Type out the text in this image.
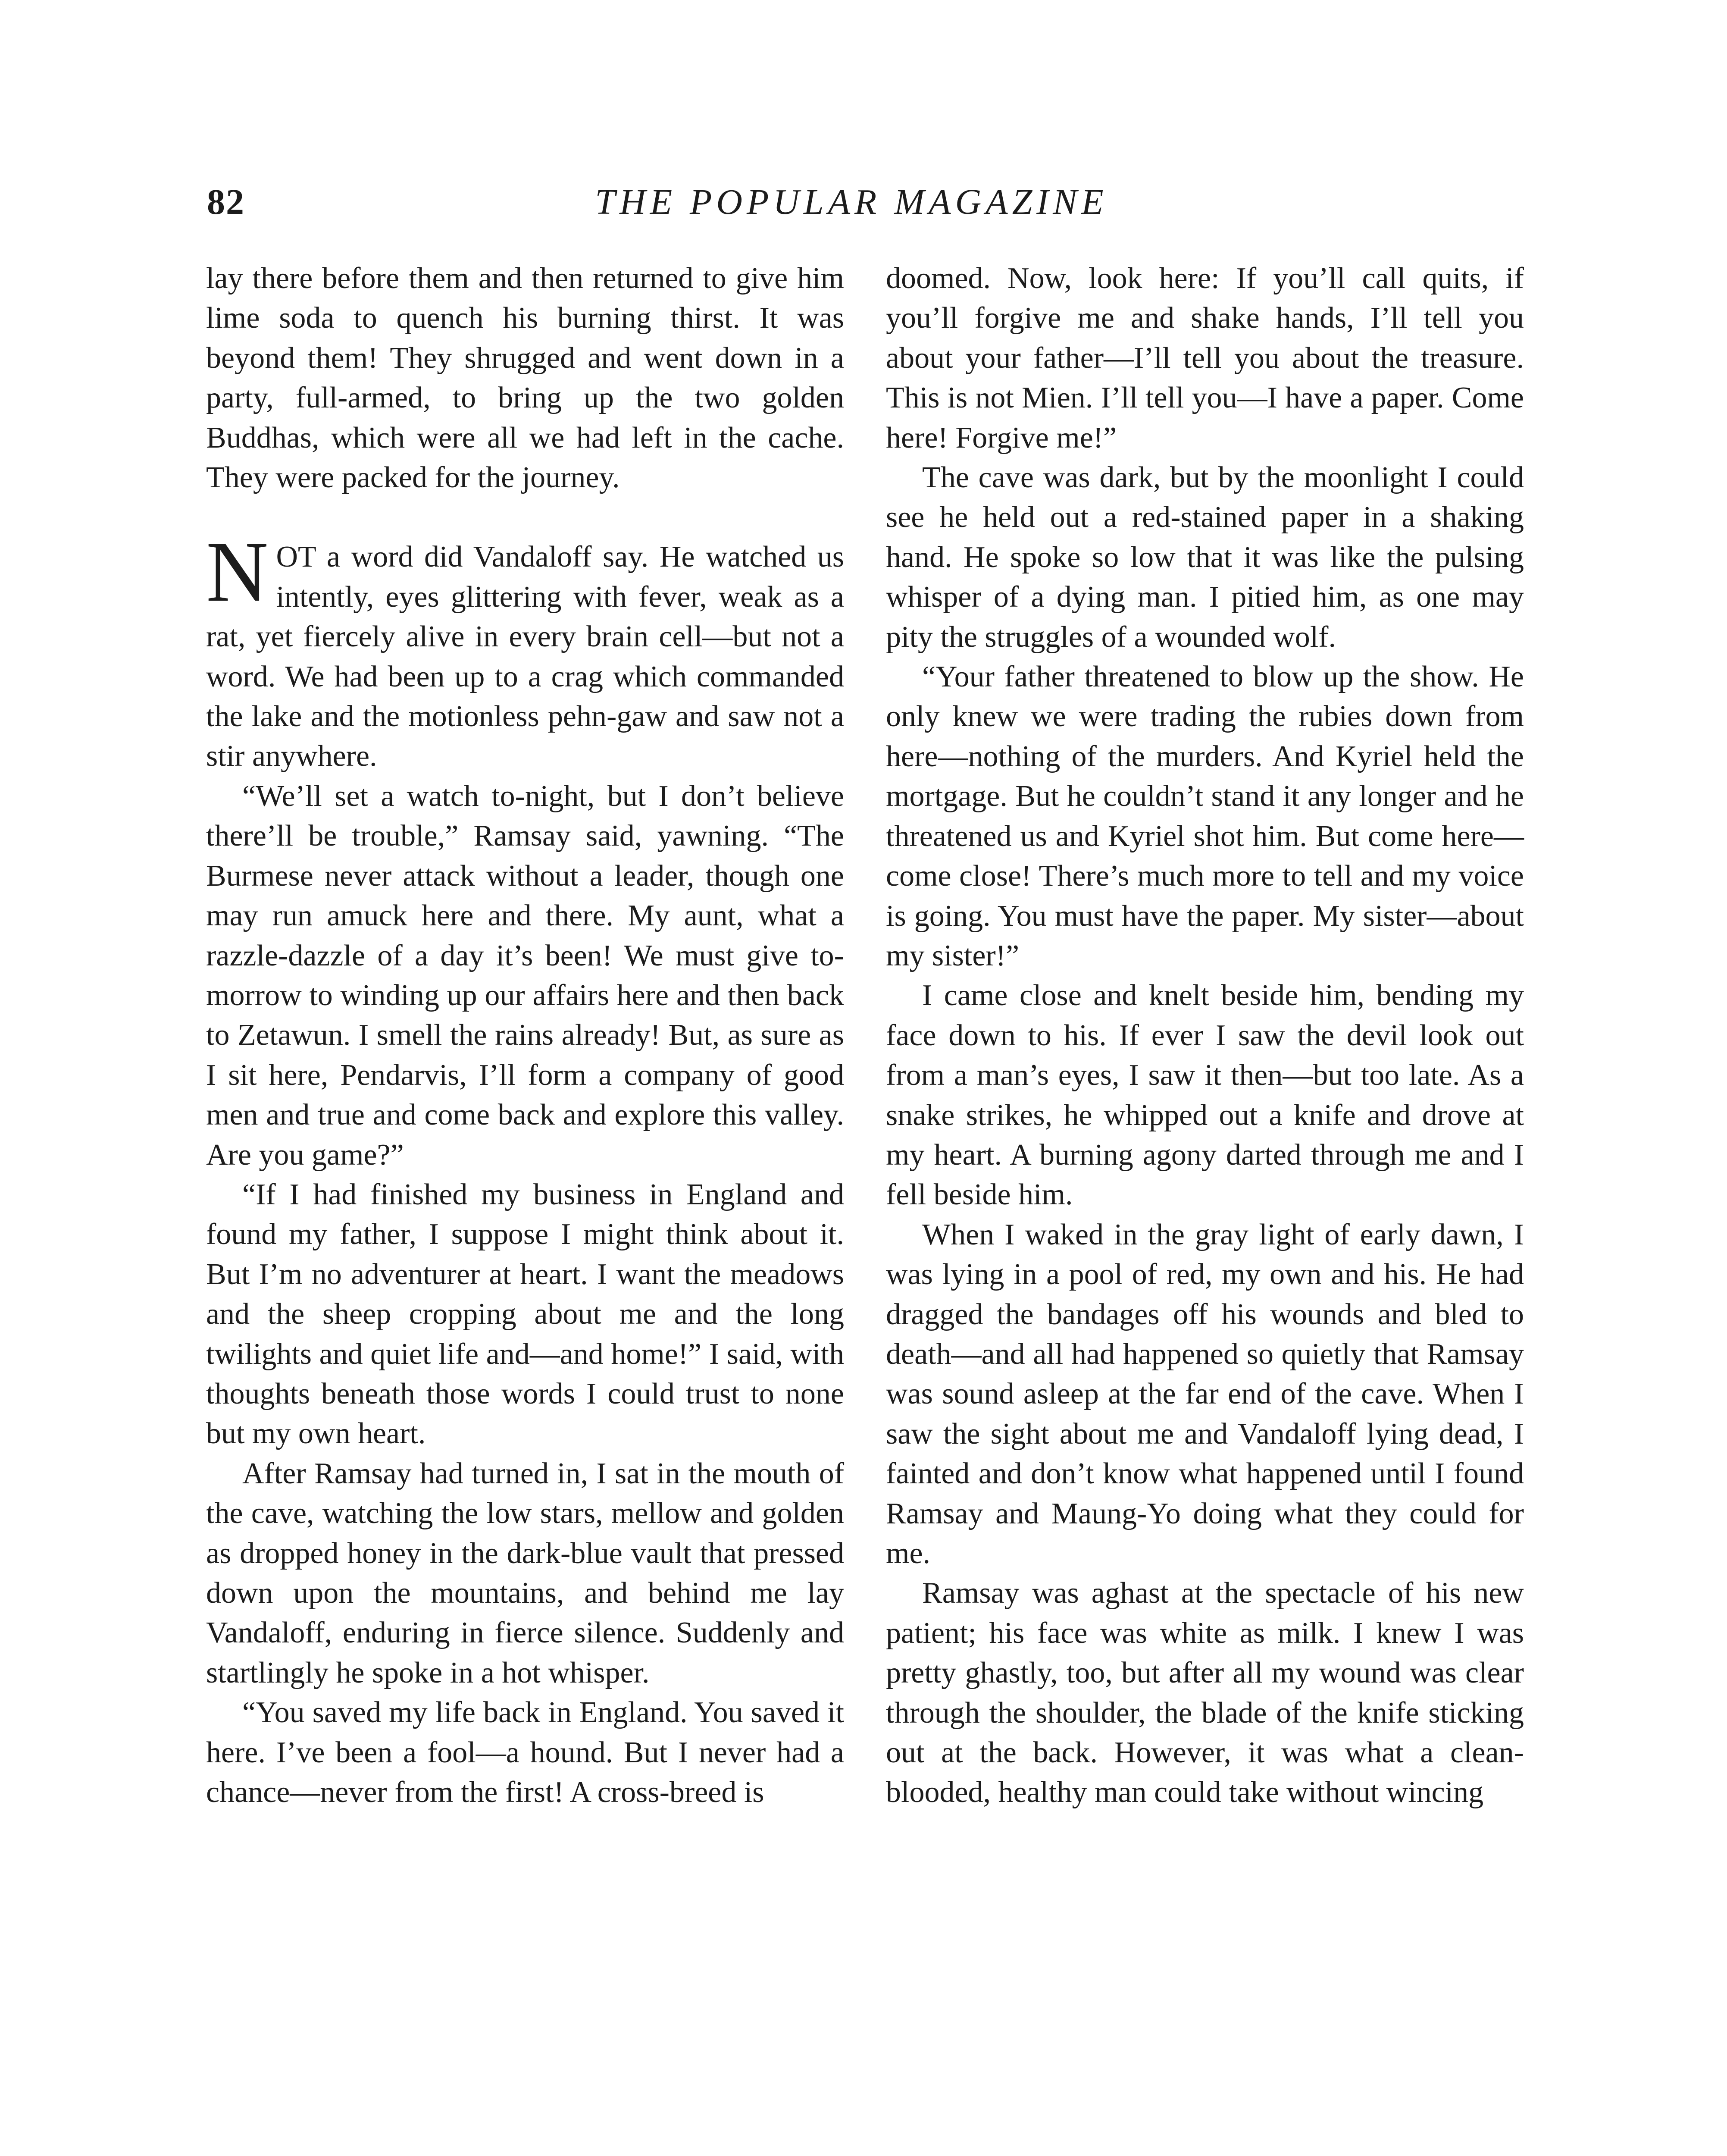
THE POPULAR MAGAZINE
82

lay there before them and then returned to give him lime soda to quench his burning thirst. It was beyond them! They shrugged and went down in a party, full-armed, to bring up the two golden Buddhas, which were all we had left in the cache. They were packed for the journey.

NOT a word did Vandaloff say. He watched us intently, eyes glittering with fever, weak as a rat, yet fiercely alive in every brain cell—but not a word. We had been up to a crag which commanded the lake and the motionless pehn-gaw and saw not a stir anywhere.

“We’ll set a watch to-night, but I don’t believe there’ll be trouble,” Ramsay said, yawning. “The Burmese never attack without a leader, though one may run amuck here and there. My aunt, what a razzle-dazzle of a day it’s been! We must give to-morrow to winding up our affairs here and then back to Zetawun. I smell the rains already! But, as sure as I sit here, Pendarvis, I’ll form a company of good men and true and come back and explore this valley. Are you game?”

“If I had finished my business in England and found my father, I suppose I might think about it. But I’m no adventurer at heart. I want the meadows and the sheep cropping about me and the long twilights and quiet life and—and home!” I said, with thoughts beneath those words I could trust to none but my own heart.

After Ramsay had turned in, I sat in the mouth of the cave, watching the low stars, mellow and golden as dropped honey in the dark-blue vault that pressed down upon the mountains, and behind me lay Vandaloff, enduring in fierce silence. Suddenly and startlingly he spoke in a hot whisper.

“You saved my life back in England. You saved it here. I’ve been a fool—a hound. But I never had a chance—never from the first! A cross-breed is

doomed. Now, look here: If you’ll call quits, if you’ll forgive me and shake hands, I’ll tell you about your father—I’ll tell you about the treasure. This is not Mien. I’ll tell you—I have a paper. Come here! Forgive me!”

The cave was dark, but by the moonlight I could see he held out a red-stained paper in a shaking hand. He spoke so low that it was like the pulsing whisper of a dying man. I pitied him, as one may pity the struggles of a wounded wolf.

“Your father threatened to blow up the show. He only knew we were trading the rubies down from here—nothing of the murders. And Kyriel held the mortgage. But he couldn’t stand it any longer and he threatened us and Kyriel shot him. But come here—come close! There’s much more to tell and my voice is going. You must have the paper. My sister—about my sister!”

I came close and knelt beside him, bending my face down to his. If ever I saw the devil look out from a man’s eyes, I saw it then—but too late. As a snake strikes, he whipped out a knife and drove at my heart. A burning agony darted through me and I fell beside him.

When I waked in the gray light of early dawn, I was lying in a pool of red, my own and his. He had dragged the bandages off his wounds and bled to death—and all had happened so quietly that Ramsay was sound asleep at the far end of the cave. When I saw the sight about me and Vandaloff lying dead, I fainted and don’t know what happened until I found Ramsay and Maung-Yo doing what they could for me.

Ramsay was aghast at the spectacle of his new patient; his face was white as milk. I knew I was pretty ghastly, too, but after all my wound was clear through the shoulder, the blade of the knife sticking out at the back. However, it was what a clean-blooded, healthy man could take without wincing
